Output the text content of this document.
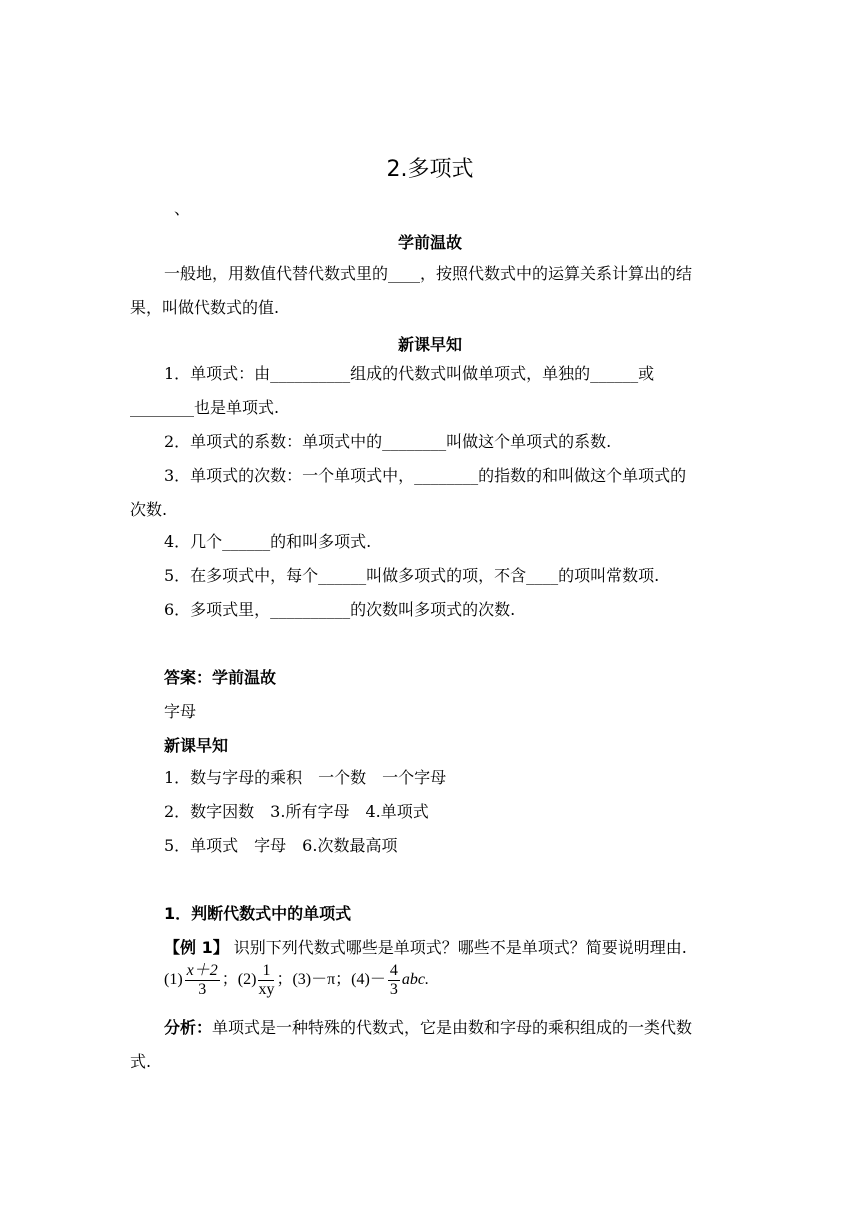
2.多项式
、
学前温故
一般地，用数值代替代数式里的____，按照代数式中的运算关系计算出的结
果，叫做代数式的值.
新课早知
1．单项式：由__________组成的代数式叫做单项式，单独的______或
________也是单项式.
2．单项式的系数：单项式中的________叫做这个单项式的系数.
3．单项式的次数：一个单项式中，________的指数的和叫做这个单项式的
次数.
4．几个______的和叫多项式.
5．在多项式中，每个______叫做多项式的项，不含____的项叫常数项.
6．多项式里，__________的次数叫多项式的次数.
答案：学前温故
字母
新课早知
1．数与字母的乘积　一个数　一个字母
2．数字因数　3.所有字母　4.单项式
5．单项式　字母　6.次数最高项
1．判断代数式中的单项式
【例 1】 识别下列代数式哪些是单项式？哪些不是单项式？简要说明理由.
$(1) \frac{x+2}{3}$ ；$(2) \frac{1}{xy}$ ；(3)－π；$(4)- \frac{4}{3}$ abc.
分析：单项式是一种特殊的代数式，它是由数和字母的乘积组成的一类代数
式.
